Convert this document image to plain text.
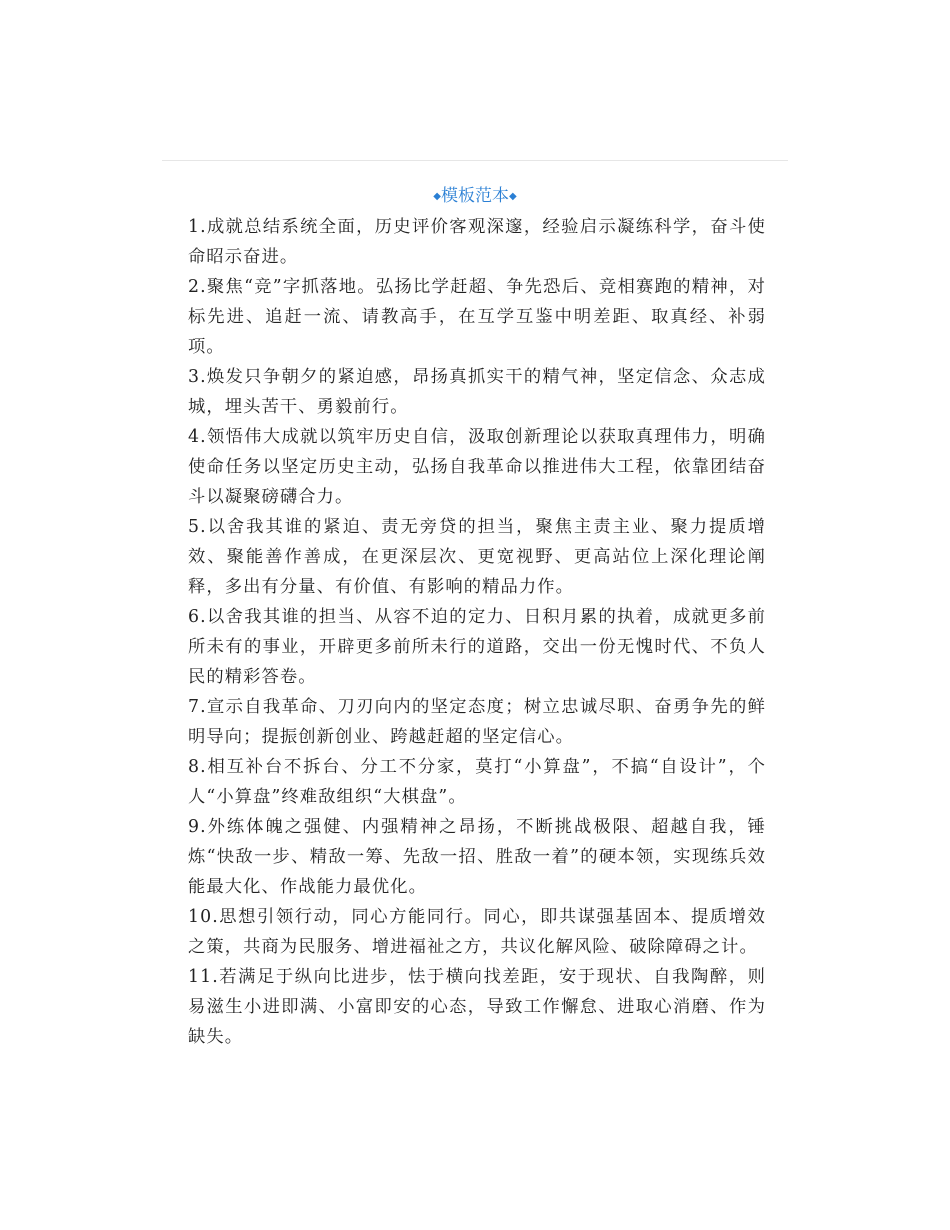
◆模板范本◆

1.成就总结系统全面，历史评价客观深邃，经验启示凝练科学，奋斗使命昭示奋进。

2.聚焦“竞”字抓落地。弘扬比学赶超、争先恐后、竞相赛跑的精神，对标先进、追赶一流、请教高手，在互学互鉴中明差距、取真经、补弱项。

3.焕发只争朝夕的紧迫感，昂扬真抓实干的精气神，坚定信念、众志成城，埋头苦干、勇毅前行。

4.领悟伟大成就以筑牢历史自信，汲取创新理论以获取真理伟力，明确使命任务以坚定历史主动，弘扬自我革命以推进伟大工程，依靠团结奋斗以凝聚磅礴合力。

5.以舍我其谁的紧迫、责无旁贷的担当，聚焦主责主业、聚力提质增效、聚能善作善成，在更深层次、更宽视野、更高站位上深化理论阐释，多出有分量、有价值、有影响的精品力作。

6.以舍我其谁的担当、从容不迫的定力、日积月累的执着，成就更多前所未有的事业，开辟更多前所未行的道路，交出一份无愧时代、不负人民的精彩答卷。

7.宣示自我革命、刀刃向内的坚定态度；树立忠诚尽职、奋勇争先的鲜明导向；提振创新创业、跨越赶超的坚定信心。

8.相互补台不拆台、分工不分家，莫打“小算盘”，不搞“自设计”，个人“小算盘”终难敌组织“大棋盘”。

9.外练体魄之强健、内强精神之昂扬，不断挑战极限、超越自我，锤炼“快敌一步、精敌一筹、先敌一招、胜敌一着”的硬本领，实现练兵效能最大化、作战能力最优化。

10.思想引领行动，同心方能同行。同心，即共谋强基固本、提质增效之策，共商为民服务、增进福祉之方，共议化解风险、破除障碍之计。

11.若满足于纵向比进步，怯于横向找差距，安于现状、自我陶醉，则易滋生小进即满、小富即安的心态，导致工作懈怠、进取心消磨、作为缺失。
